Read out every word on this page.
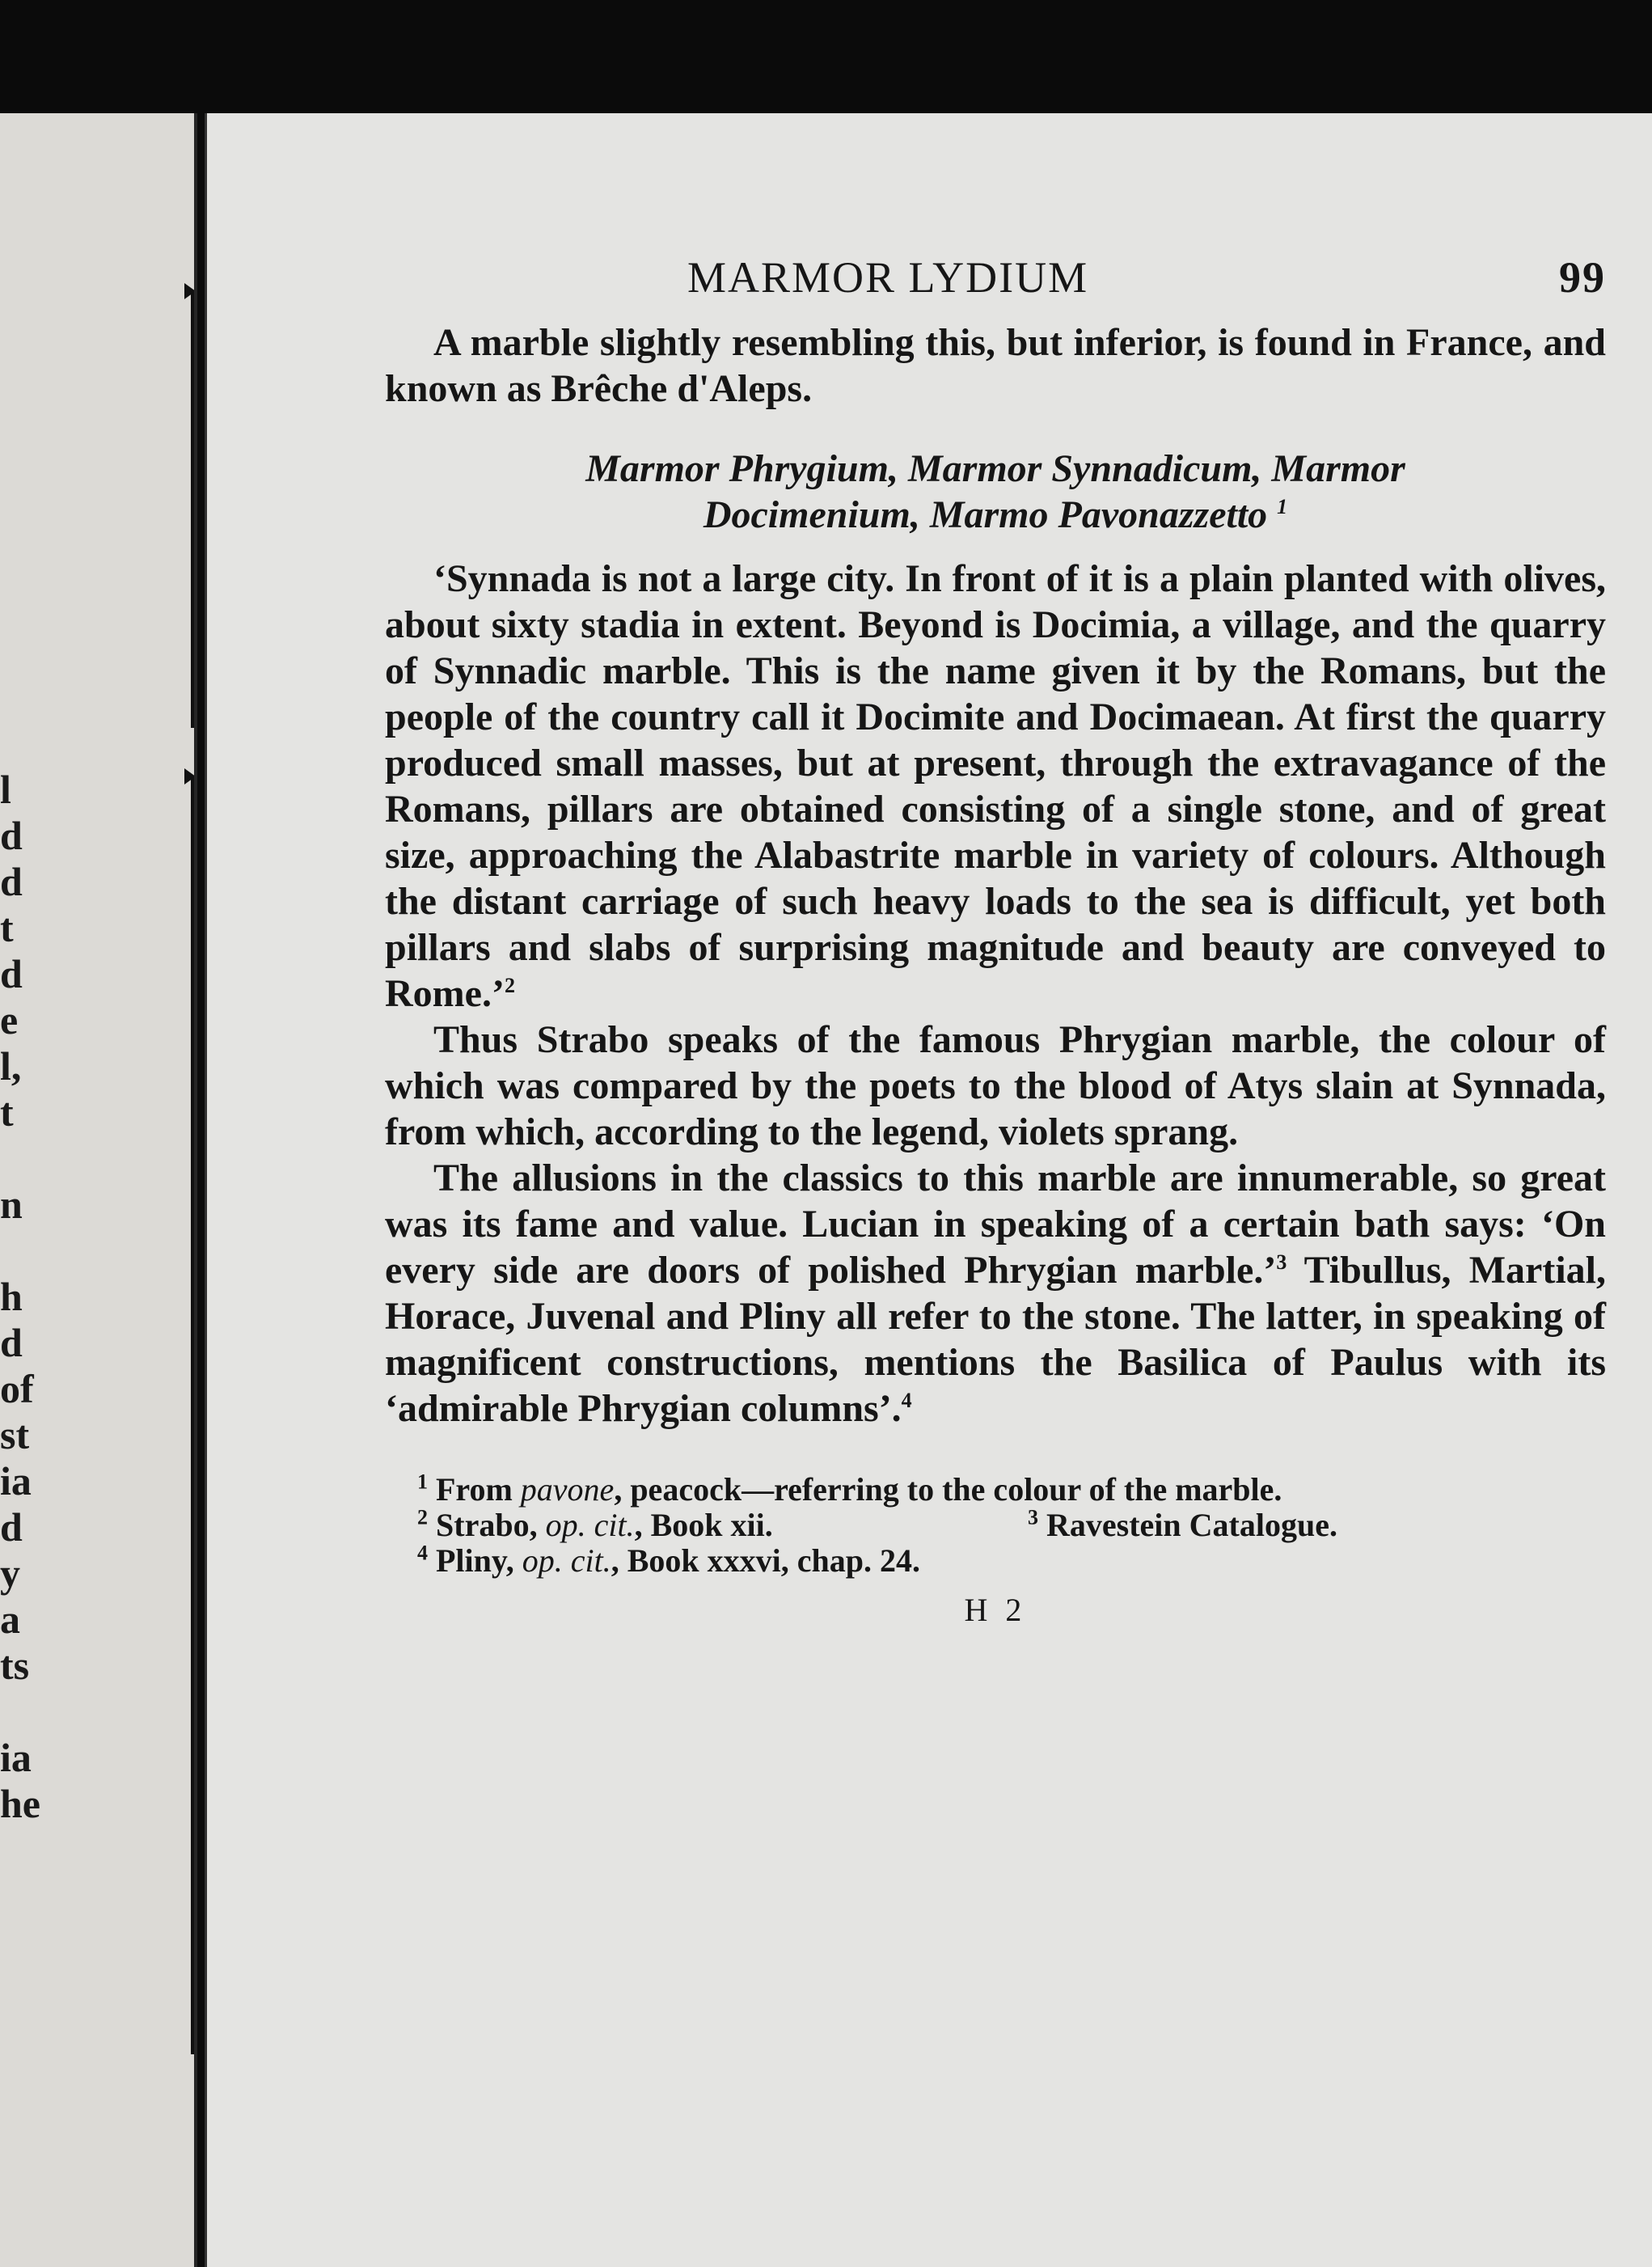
l
d
d
t
d
e
l,
t
n
h
d
of
st
ia
d
y
a
ts
ia
he
MARMOR LYDIUM	99

A marble slightly resembling this, but inferior, is found in France, and known as Brêche d'Aleps.

Marmor Phrygium, Marmor Synnadicum, Marmor
Docimenium, Marmo Pavonazzetto $^1$

‘Synnada is not a large city. In front of it is a plain planted with olives, about sixty stadia in extent. Beyond is Docimia, a village, and the quarry of Synnadic marble. This is the name given it by the Romans, but the people of the country call it Docimite and Docimaean. At first the quarry produced small masses, but at present, through the extravagance of the Romans, pillars are obtained consisting of a single stone, and of great size, approaching the Alabastrite marble in variety of colours. Although the distant carriage of such heavy loads to the sea is difficult, yet both pillars and slabs of surprising magnitude and beauty are conveyed to Rome.’$^2$

Thus Strabo speaks of the famous Phrygian marble, the colour of which was compared by the poets to the blood of Atys slain at Synnada, from which, according to the legend, violets sprang.

The allusions in the classics to this marble are innumerable, so great was its fame and value. Lucian in speaking of a certain bath says: ‘On every side are doors of polished Phrygian marble.’$^3$ Tibullus, Martial, Horace, Juvenal and Pliny all refer to the stone. The latter, in speaking of magnificent constructions, mentions the Basilica of Paulus with its ‘admirable Phrygian columns’.$^4$

$^1$ From pavone, peacock—referring to the colour of the marble.
$^2$ Strabo, op. cit., Book xii.	$^3$ Ravestein Catalogue.
$^4$ Pliny, op. cit., Book xxxvi, chap. 24.
H 2
